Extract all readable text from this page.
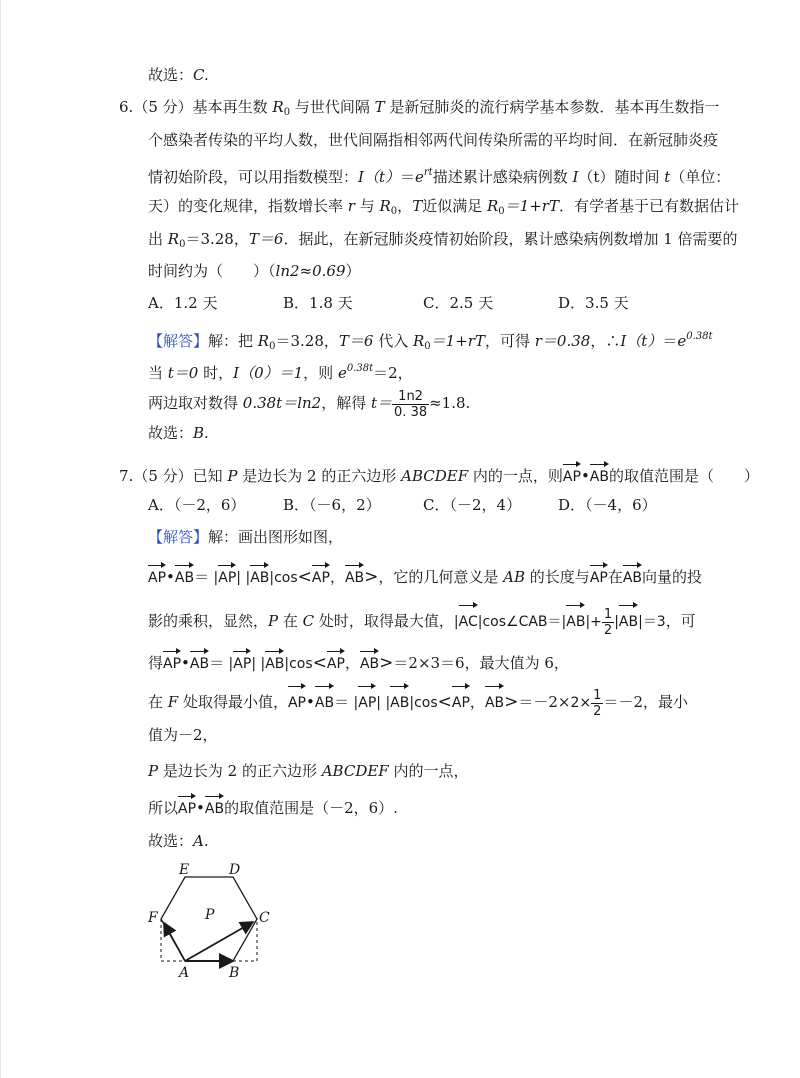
故选：C.
6.（5 分）基本再生数 $R_0$ 与世代间隔 T 是新冠肺炎的流行病学基本参数．基本再生数指一
个感染者传染的平均人数，世代间隔指相邻两代间传染所需的平均时间．在新冠肺炎疫
情初始阶段，可以用指数模型：$I(t)=e^{rt}$描述累计感染病例数 I（t）随时间 t（单位：
天）的变化规律，指数增长率 r 与 $R_0$，T近似满足 $R_0=1+rT$．有学者基于已有数据估计
出 $R_0=3.28$，T＝6．据此，在新冠肺炎疫情初始阶段，累计感染病例数增加 1 倍需要的
时间约为（　　）（ln2≈0.69）
A．1.2 天	B．1.8 天	C．2.5 天	D．3.5 天
【解答】解：把 $R_0=3.28$，T＝6 代入 $R_0=1+rT$，可得 r＝0.38，$\therefore I(t)=e^{0.38t}$
当 t＝0 时，I（0）＝1，则 $e^{0.38t}=2$，
两边取对数得 0.38t＝ln2，解得 $t= \frac{1n2}{0. 38} \approx 1.8$.
故选：B.
7.（5 分）已知 P 是边长为 2 的正六边形 ABCDEF 内的一点，则AP•AB的取值范围是（　　）
A．（－2，6）	B．（－6，2）	C．（－2，4） D．（－4，6）
【解答】解：画出图形如图，
AP•AB＝ |AP| |AB|cos<AP，AB>，它的几何意义是 AB 的长度与AP在AB向量的投
影的乘积，显然，P 在 C 处时，取得最大值，|AC|cos∠CAB＝|AB|+ $\frac{1}{2} |AB|=3$，可
得AP•AB＝ |AP| |AB|cos<AP，AB>＝2×3＝6，最大值为 6，
在 F 处取得最小值，AP•AB＝ |AP| |AB|cos<AP，$AB>=-2\times 2\times \frac{1}{2} =-2$，最小
值为－2，
P 是边长为 2 的正六边形 ABCDEF 内的一点，
所以AP•AB的取值范围是（－2，6）.
故选：A.
E	D
F	P	C
A	B
